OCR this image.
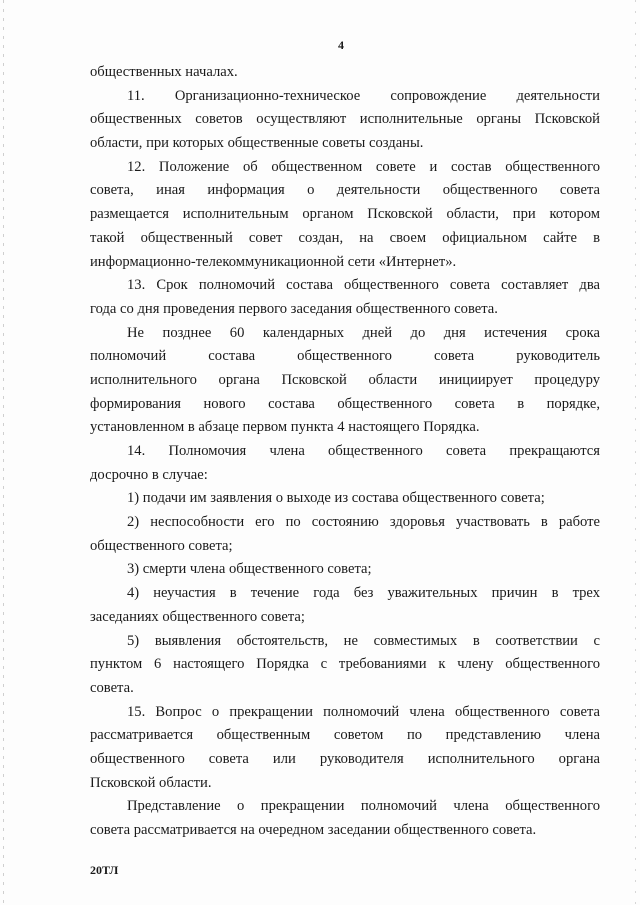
4
общественных началах.
11. Организационно-техническое сопровождение деятельности
общественных советов осуществляют исполнительные органы Псковской
области, при которых общественные советы созданы.
12. Положение об общественном совете и состав общественного
совета, иная информация о деятельности общественного совета
размещается исполнительным органом Псковской области, при котором
такой общественный совет создан, на своем официальном сайте в
информационно-телекоммуникационной сети «Интернет».
13. Срок полномочий состава общественного совета составляет два
года со дня проведения первого заседания общественного совета.
Не позднее 60 календарных дней до дня истечения срока
полномочий состава общественного совета руководитель
исполнительного органа Псковской области инициирует процедуру
формирования нового состава общественного совета в порядке,
установленном в абзаце первом пункта 4 настоящего Порядка.
14. Полномочия члена общественного совета прекращаются
досрочно в случае:
1) подачи им заявления о выходе из состава общественного совета;
2) неспособности его по состоянию здоровья участвовать в работе
общественного совета;
3) смерти члена общественного совета;
4) неучастия в течение года без уважительных причин в трех
заседаниях общественного совета;
5) выявления обстоятельств, не совместимых в соответствии с
пунктом 6 настоящего Порядка с требованиями к члену общественного
совета.
15. Вопрос о прекращении полномочий члена общественного совета
рассматривается общественным советом по представлению члена
общественного совета или руководителя исполнительного органа
Псковской области.
Представление о прекращении полномочий члена общественного
совета рассматривается на очередном заседании общественного совета.
20ТЛ
